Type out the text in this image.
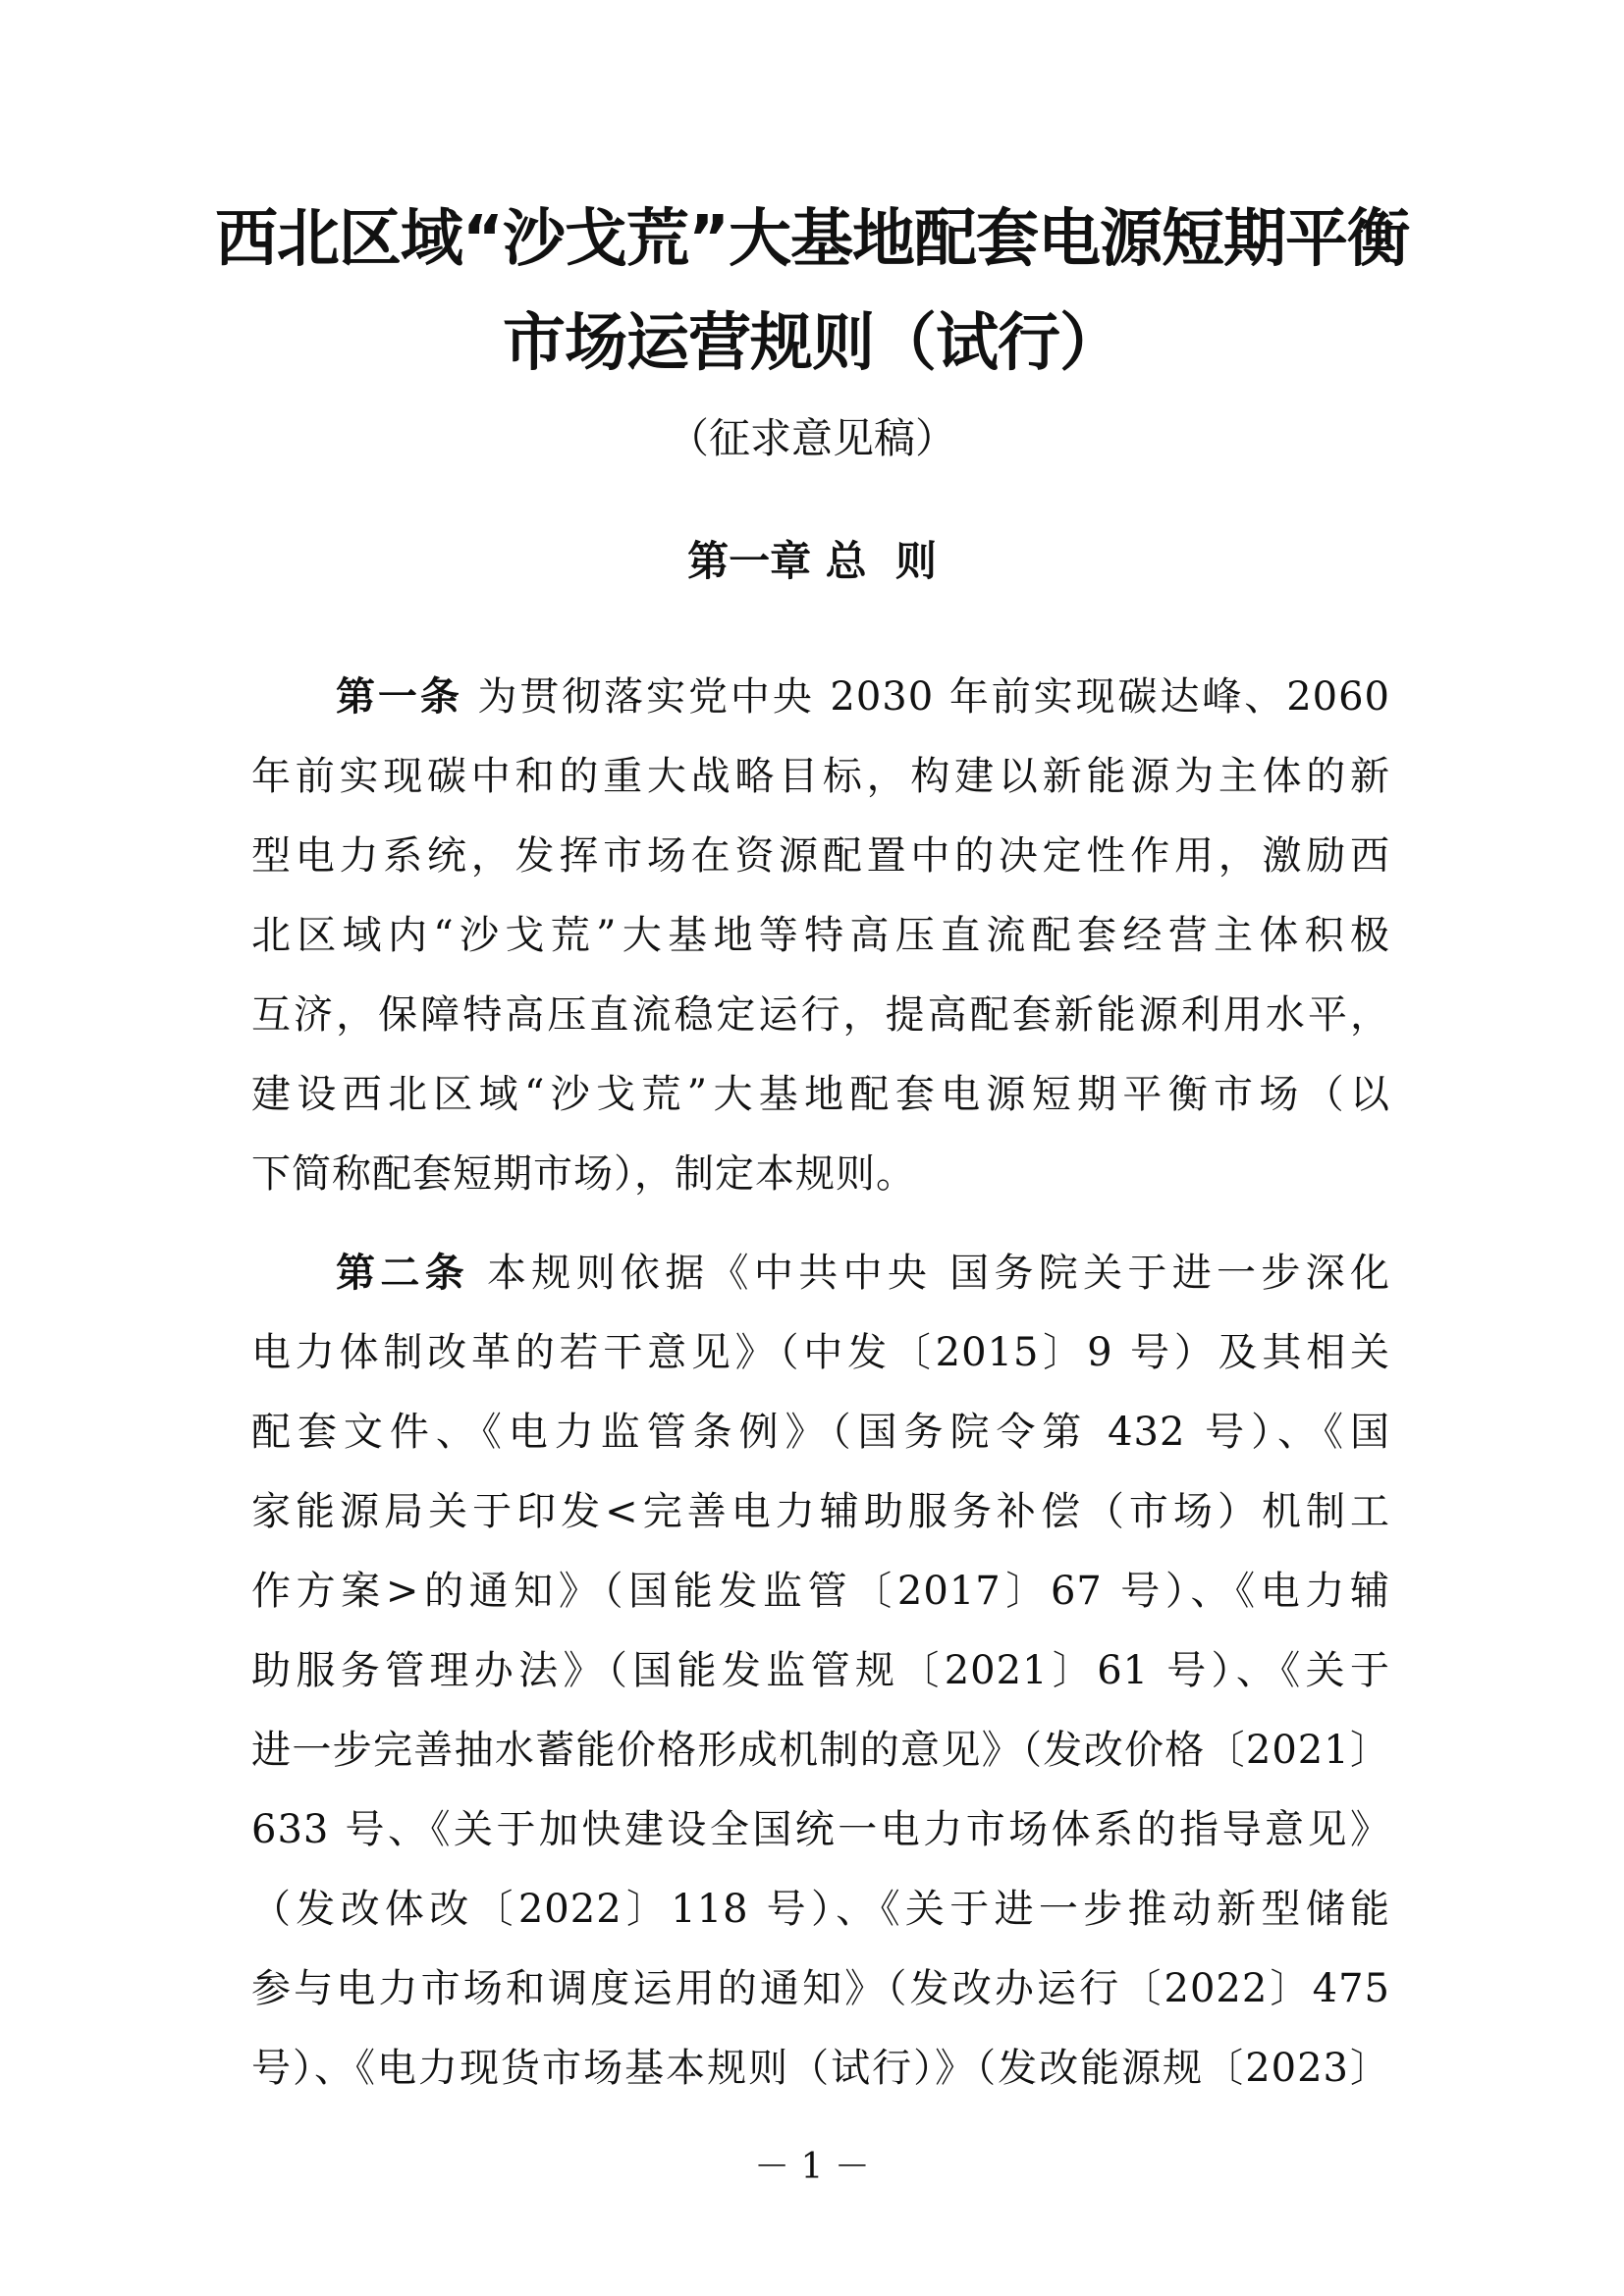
西北区域“沙戈荒”大基地配套电源短期平衡
市场运营规则（试行）
（征求意见稿）
第一章 总  则
第一条 为贯彻落实党中央 2030 年前实现碳达峰、2060
年前实现碳中和的重大战略目标，构建以新能源为主体的新
型电力系统，发挥市场在资源配置中的决定性作用，激励西
北区域内“沙戈荒”大基地等特高压直流配套经营主体积极
互济，保障特高压直流稳定运行，提高配套新能源利用水平，
建设西北区域“沙戈荒”大基地配套电源短期平衡市场（以
下简称配套短期市场），制定本规则。
第二条 本规则依据《中共中央 国务院关于进一步深化
电力体制改革的若干意见》（中发〔2015〕9 号）及其相关
配套文件、《电力监管条例》（国务院令第 432 号）、《国
家能源局关于印发<完善电力辅助服务补偿（市场）机制工
作方案>的通知》（国能发监管〔2017〕67 号）、《电力辅
助服务管理办法》（国能发监管规〔2021〕61 号）、《关于
进一步完善抽水蓄能价格形成机制的意见》（发改价格〔2021〕
633 号、《关于加快建设全国统一电力市场体系的指导意见》
（发改体改〔2022〕118 号）、《关于进一步推动新型储能
参与电力市场和调度运用的通知》（发改办运行〔2022〕475
号）、《电力现货市场基本规则（试行）》（发改能源规〔2023〕
－ 1 －
